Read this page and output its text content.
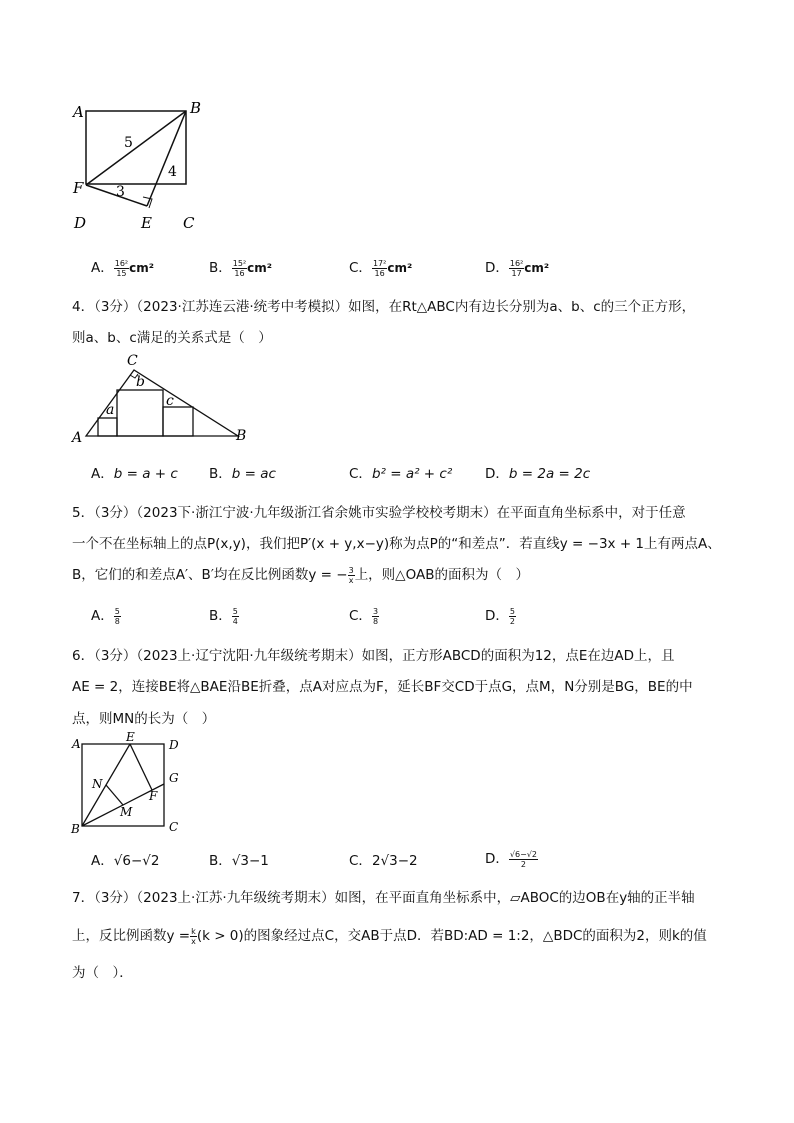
A	B
F
D	E C
5
4
3
A． $\frac{\text{16²}}{15} cm^2$	B． $\frac{\text{15²}}{16} cm^2$	C． $\frac{\text{17²}}{16} cm^2$	D． $\frac{\text{16²}}{17} cm^2$
4．（3分）（2023·江苏连云港·统考中考模拟）如图，在Rt△ABC内有边长分别为a、b、c的三个正方形，
则a、b、c满足的关系式是（　）
C
A	B
b
a
c
A．b = a + c B．b = ac	C．b² = a² + c² D．b = 2a = 2c
5．（3分）（2023下·浙江宁波·九年级浙江省余姚市实验学校校考期末）在平面直角坐标系中，对于任意
一个不在坐标轴上的点P(x,y)，我们把P′(x + y,x−y)称为点P的“和差点”．若直线y = −3x + 1上有两点A、
B，它们的和差点A′、B′均在反比例函数y = − $\frac{3}{x}$ 上，则△OAB的面积为（　）
A． $\frac{5}{8}$	B． $\frac{5}{4}$	C． $\frac{3}{8}$	D． $\frac{5}{2}$
6．（3分）（2023上·辽宁沈阳·九年级统考期末）如图，正方形ABCD的面积为12，点E在边AD上，且
AE = 2，连接BE将△BAE沿BE折叠，点A对应点为F，延长BF交CD于点G，点M，N分别是BG，BE的中
点，则MN的长为（　）
A	E
D
G
F
N
M
B	C
A．√6−√2	B．√3−1	C．2√3−2	D． $\frac{√6-√2}{2}$
7．（3分）（2023上·江苏·九年级统考期末）如图，在平面直角坐标系中，▱ABOC的边OB在y轴的正半轴
上，反比例函数$y = \frac{k}{x} (k > 0)$的图象经过点C，交AB于点D．若BD:AD = 1:2，△BDC的面积为2，则k的值
为（　）．
